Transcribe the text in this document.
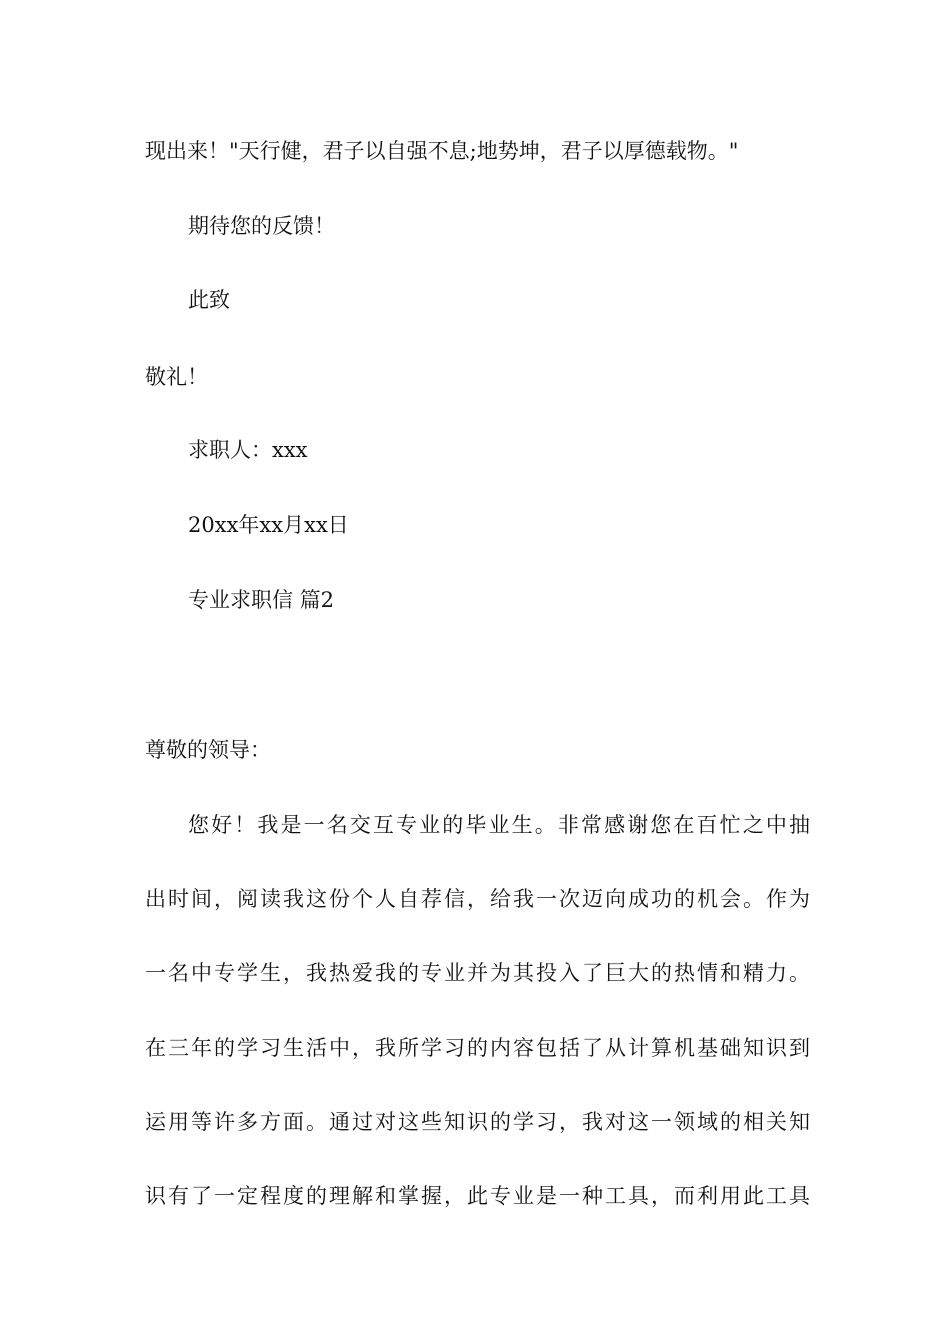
现出来！"天行健，君子以自强不息;地势坤，君子以厚德载物。"
期待您的反馈！
此致
敬礼！
求职人：xxx
20xx年xx月xx日
专业求职信 篇2
尊敬的领导：
您好！我是一名交互专业的毕业生。非常感谢您在百忙之中抽
出时间，阅读我这份个人自荐信，给我一次迈向成功的机会。作为
一名中专学生，我热爱我的专业并为其投入了巨大的热情和精力。
在三年的学习生活中，我所学习的内容包括了从计算机基础知识到
运用等许多方面。通过对这些知识的学习，我对这一领域的相关知
识有了一定程度的理解和掌握，此专业是一种工具，而利用此工具
